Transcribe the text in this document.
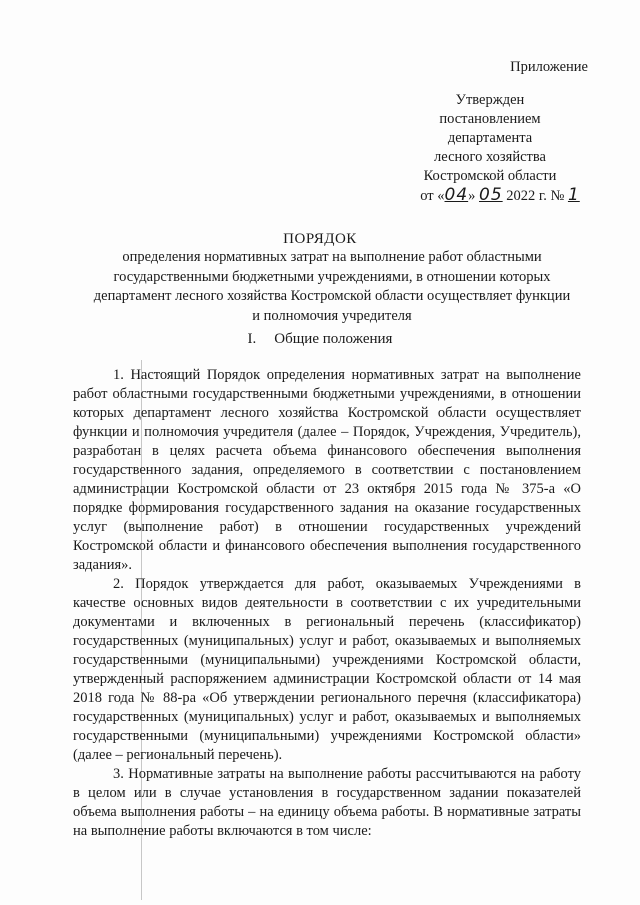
Приложение
Утвержден
постановлением
департамента
лесного хозяйства
Костромской области
от «04» 05 2022 г. № 1
ПОРЯДОК
определения нормативных затрат на выполнение работ областными государственными бюджетными учреждениями, в отношении которых департамент лесного хозяйства Костромской области осуществляет функции и полномочия учредителя
I. Общие положения

1. Настоящий Порядок определения нормативных затрат на выполнение работ областными государственными бюджетными учреждениями, в отношении которых департамент лесного хозяйства Костромской области осуществляет функции и полномочия учредителя (далее – Порядок, Учреждения, Учредитель), разработан в целях расчета объема финансового обеспечения выполнения государственного задания, определяемого в соответствии с постановлением администрации Костромской области от 23 октября 2015 года № 375-а «О порядке формирования государственного задания на оказание государственных услуг (выполнение работ) в отношении государственных учреждений Костромской области и финансового обеспечения выполнения государственного задания».

2. Порядок утверждается для работ, оказываемых Учреждениями в качестве основных видов деятельности в соответствии с их учредительными документами и включенных в региональный перечень (классификатор) государственных (муниципальных) услуг и работ, оказываемых и выполняемых государственными (муниципальными) учреждениями Костромской области, утвержденный распоряжением администрации Костромской области от 14 мая 2018 года № 88-ра «Об утверждении регионального перечня (классификатора) государственных (муниципальных) услуг и работ, оказываемых и выполняемых государственными (муниципальными) учреждениями Костромской области» (далее – региональный перечень).

3. Нормативные затраты на выполнение работы рассчитываются на работу в целом или в случае установления в государственном задании показателей объема выполнения работы – на единицу объема работы. В нормативные затраты на выполнение работы включаются в том числе:
